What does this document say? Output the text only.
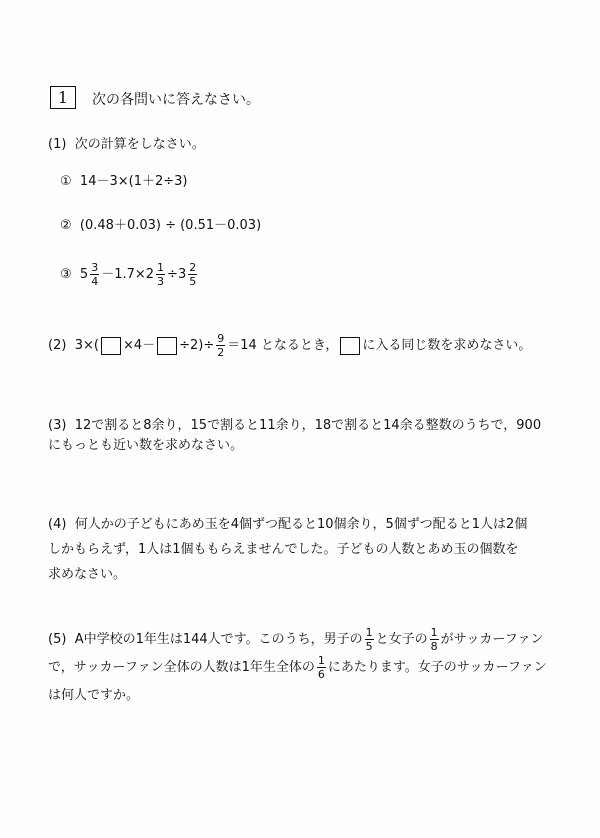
1	次の各問いに答えなさい。
(1) 次の計算をしなさい。
① 14－3×(1＋2÷3)
② (0.48＋0.03) ÷ (0.51－0.03)
③ $5 \frac{3}{4} -1.7\times 2 \frac{1}{3} \div 3 \frac{2}{5}$
(2) $3\times( \times 4- \div 2)\div \frac{9}{2} =14$ となるとき， に入る同じ数を求めなさい。
(3) 12で割ると8余り，15で割ると11余り，18で割ると14余る整数のうちで，900
にもっとも近い数を求めなさい。
(4) 何人かの子どもにあめ玉を4個ずつ配ると10個余り，5個ずつ配ると1人は2個
しかもらえず，1人は1個ももらえませんでした。子どもの人数とあめ玉の個数を
求めなさい。
(5) A中学校の1年生は144人です。このうち，男子の $\frac{1}{5}$ と女子の $\frac{1}{8}$ がサッカーファン
で，サッカーファン全体の人数は1年生全体の $\frac{1}{6}$ にあたります。女子のサッカーファン
は何人ですか。
